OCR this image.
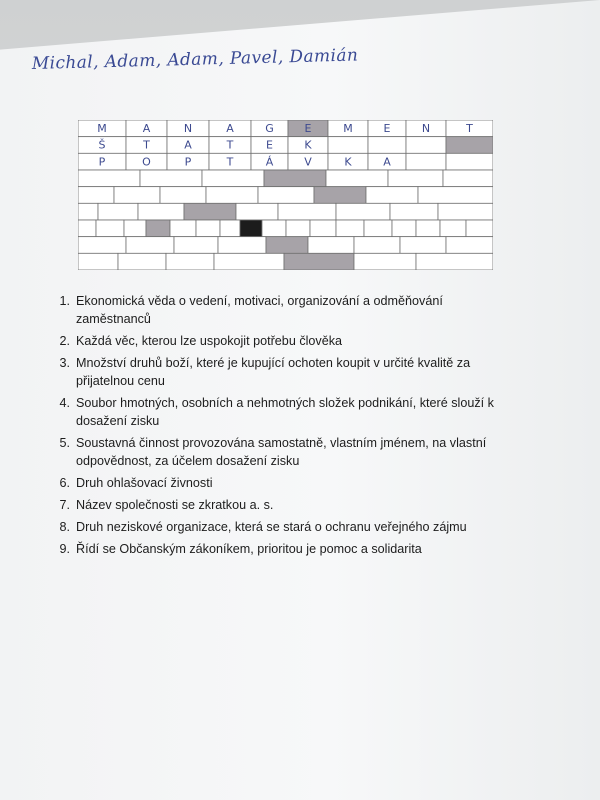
Michal, Adam, Adam, Pavel, Damián
M	A	N	A	G	E	M	E	N	T
Š	T	A	T	E	K
P	O	P	T	Á	V	K	A
1. Ekonomická věda o vedení, motivaci, organizování a odměňování zaměstnanců
2. Každá věc, kterou lze uspokojit potřebu člověka
3. Množství druhů boží, které je kupující ochoten koupit v určité kvalitě za přijatelnou cenu
4. Soubor hmotných, osobních a nehmotných složek podnikání, které slouží k dosažení zisku
5. Soustavná činnost provozována samostatně, vlastním jménem, na vlastní odpovědnost, za účelem dosažení zisku
6. Druh ohlašovací živnosti
7. Název společnosti se zkratkou a. s.
8. Druh neziskové organizace, která se stará o ochranu veřejného zájmu
9. Řídí se Občanským zákoníkem, prioritou je pomoc a solidarita
